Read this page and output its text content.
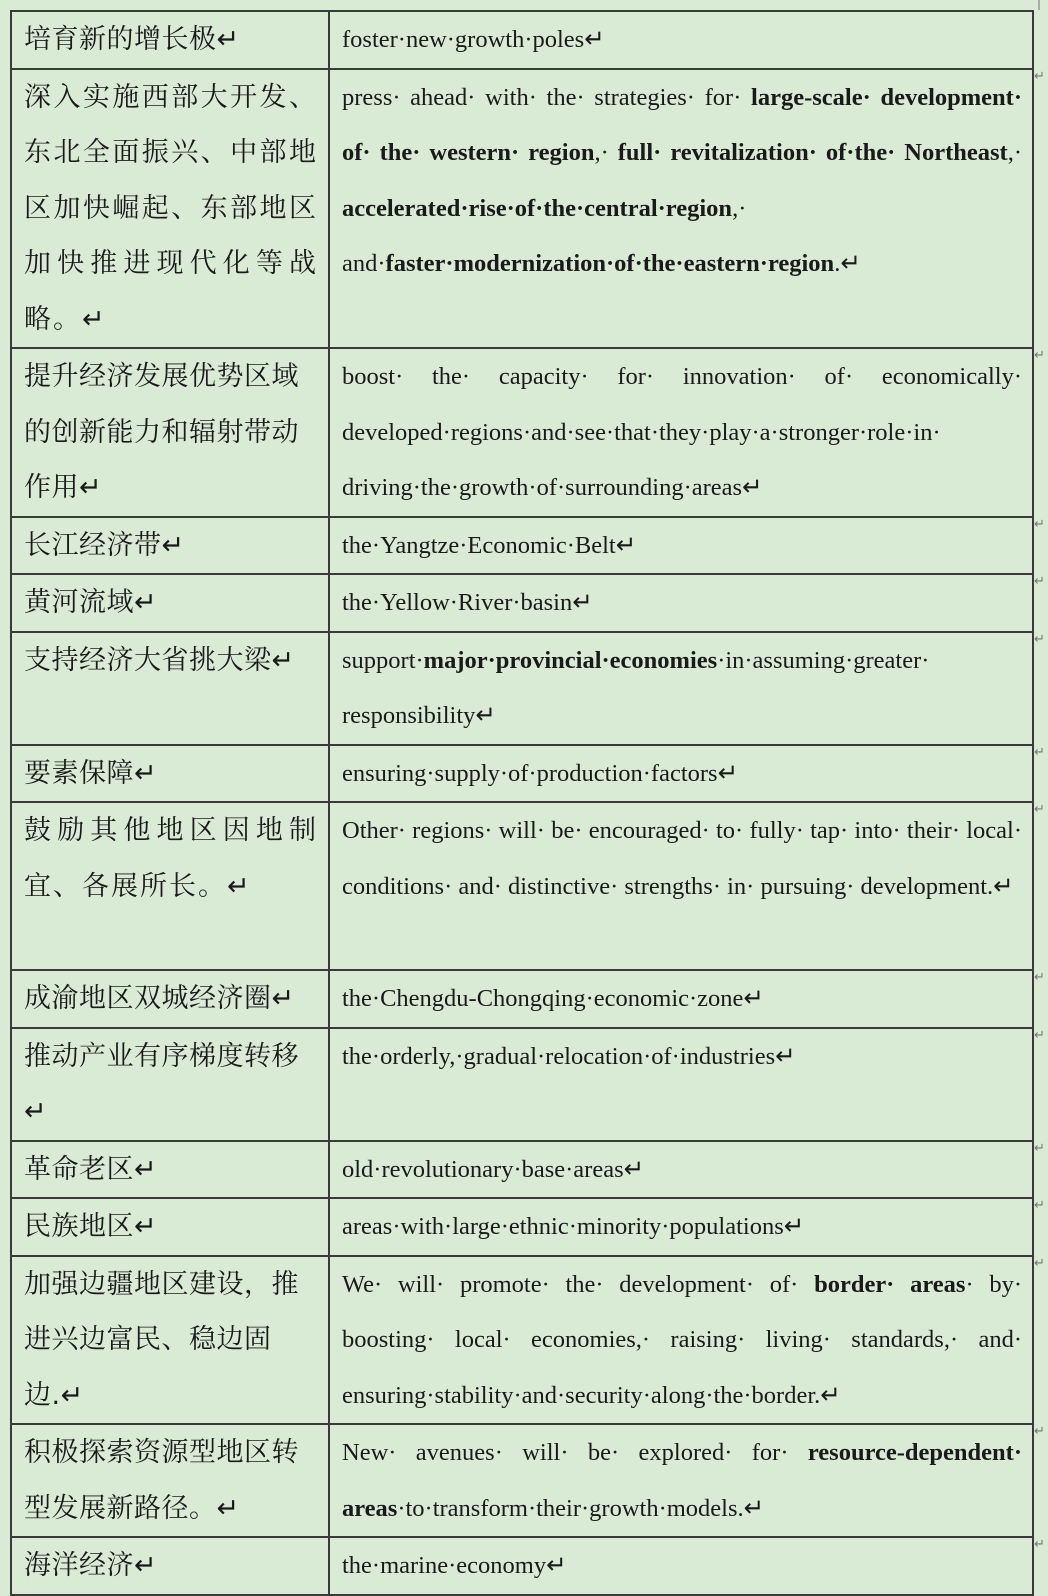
培育新的增长极↵	foster·new·growth·poles↵
深入实施西部大开发、东北全面振兴、中部地区加快崛起、东部地区加快推进现代化等战略。↵	press· ahead· with· the· strategies· for· large-scale· development· of· the· western· region,· full· revitalization· of·the· Northeast,· accelerated·rise·of·the·central·region,· and·faster·modernization·of·the·eastern·region.↵
提升经济发展优势区域的创新能力和辐射带动作用↵	boost· the· capacity· for· innovation· of· economically· developed·regions·and·see·that·they·play·a·stronger·role·in· driving·the·growth·of·surrounding·areas↵
长江经济带↵	the·Yangtze·Economic·Belt↵
黄河流域↵	the·Yellow·River·basin↵
支持经济大省挑大梁↵	support·major·provincial·economies·in·assuming·greater· responsibility↵
要素保障↵	ensuring·supply·of·production·factors↵
鼓励其他地区因地制宜、各展所长。↵	Other· regions· will· be· encouraged· to· fully· tap· into· their· local· conditions· and· distinctive· strengths· in· pursuing· development.↵
成渝地区双城经济圈↵	the·Chengdu-Chongqing·economic·zone↵
推动产业有序梯度转移↵	the·orderly,·gradual·relocation·of·industries↵
革命老区↵	old·revolutionary·base·areas↵
民族地区↵	areas·with·large·ethnic·minority·populations↵
加强边疆地区建设，推进兴边富民、稳边固边.↵	We· will· promote· the· development· of· border· areas· by· boosting· local· economies,· raising· living· standards,· and· ensuring·stability·and·security·along·the·border.↵
积极探索资源型地区转型发展新路径。↵	New· avenues· will· be· explored· for· resource-dependent· areas·to·transform·their·growth·models.↵
海洋经济↵	the·marine·economy↵
↵
↵
↵
↵
↵
↵
↵
↵
↵
↵
↵
↵
↵
↵
